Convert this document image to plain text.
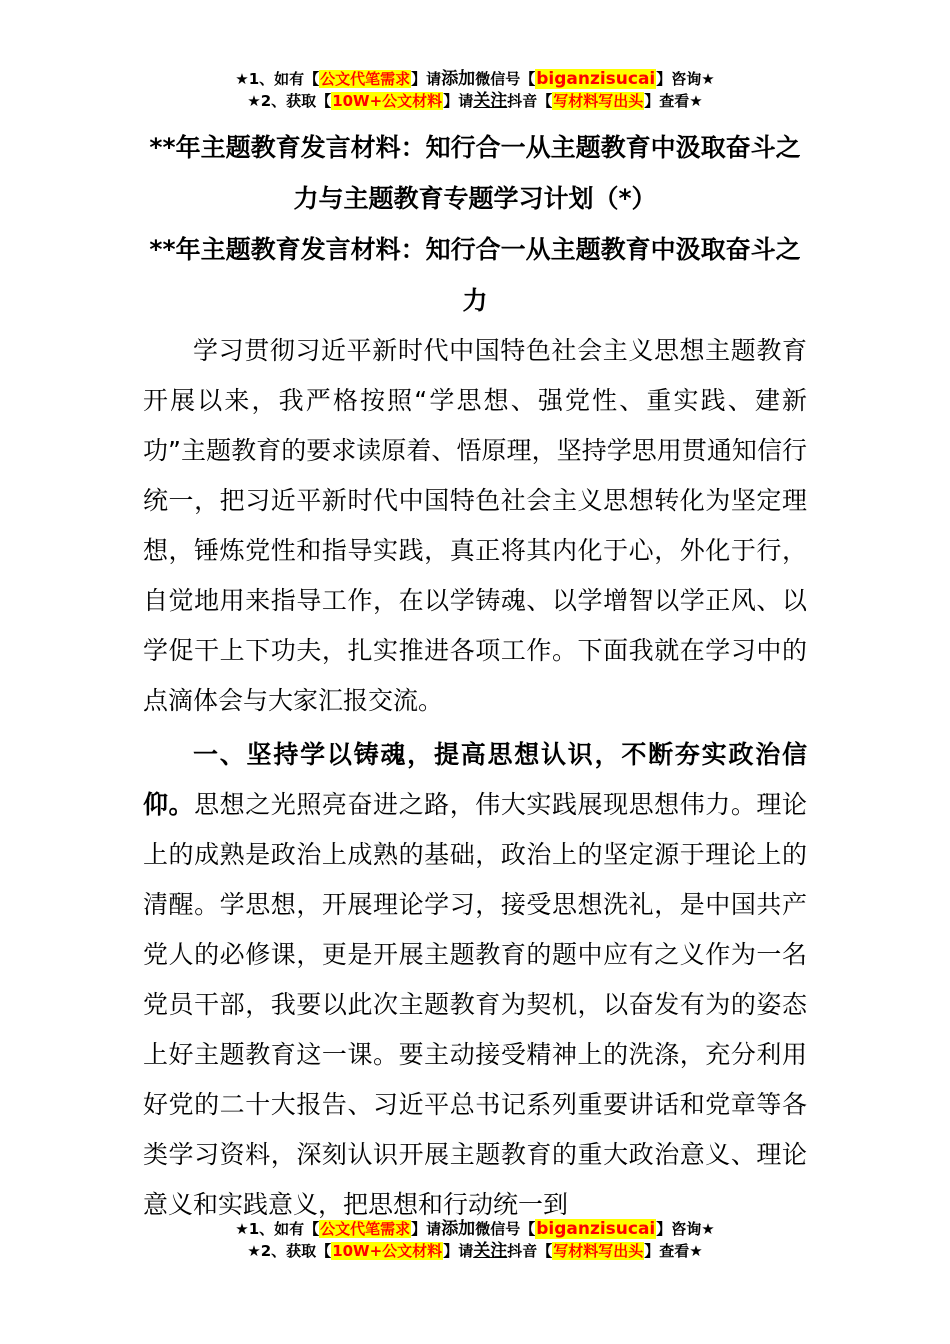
★1、如有【公文代笔需求】请添加微信号【biganzisucai】咨询★
★2、获取【10W+公文材料】请关注抖音【写材料写出头】查看★

**年主题教育发言材料：知行合一从主题教育中汲取奋斗之力与主题教育专题学习计划（*）

**年主题教育发言材料：知行合一从主题教育中汲取奋斗之力

学习贯彻习近平新时代中国特色社会主义思想主题教育开展以来，我严格按照“学思想、强党性、重实践、建新功”主题教育的要求读原着、悟原理，坚持学思用贯通知信行统一，把习近平新时代中国特色社会主义思想转化为坚定理想，锤炼党性和指导实践，真正将其内化于心，外化于行，自觉地用来指导工作，在以学铸魂、以学增智以学正风、以学促干上下功夫，扎实推进各项工作。下面我就在学习中的点滴体会与大家汇报交流。

一、坚持学以铸魂，提高思想认识，不断夯实政治信仰。思想之光照亮奋进之路，伟大实践展现思想伟力。理论上的成熟是政治上成熟的基础，政治上的坚定源于理论上的清醒。学思想，开展理论学习，接受思想洗礼，是中国共产党人的必修课，更是开展主题教育的题中应有之义作为一名党员干部，我要以此次主题教育为契机，以奋发有为的姿态上好主题教育这一课。要主动接受精神上的洗涤，充分利用好党的二十大报告、习近平总书记系列重要讲话和党章等各类学习资料，深刻认识开展主题教育的重大政治意义、理论意义和实践意义，把思想和行动统一到

★1、如有【公文代笔需求】请添加微信号【biganzisucai】咨询★
★2、获取【10W+公文材料】请关注抖音【写材料写出头】查看★
